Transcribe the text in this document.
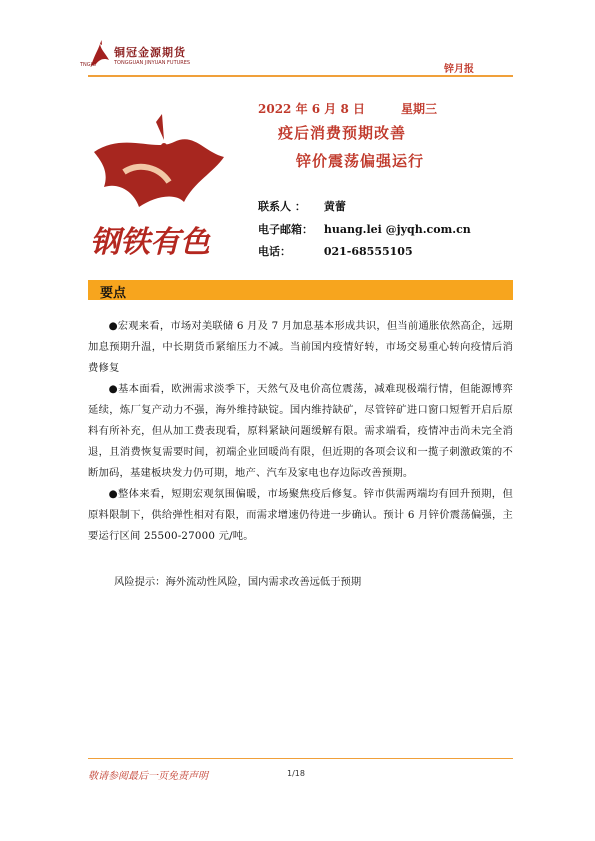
铜冠金源期货
TONGGUAN JINYUAN FUTURES
TNGJG	锌月报
钢铁有色
2022 年 6 月 8 日	星期三
疫后消费预期改善
锌价震荡偏强运行
联系人 ： 黄蕾
电子邮箱： huang.lei @jyqh.com.cn
电话：	021-68555105
要点

●宏观来看，市场对美联储 6 月及 7 月加息基本形成共识，但当前通胀依然高企，远期加息预期升温，中长期货币紧缩压力不减。当前国内疫情好转，市场交易重心转向疫情后消费修复

●基本面看，欧洲需求淡季下，天然气及电价高位震荡，减难现极端行情，但能源博弈延续，炼厂复产动力不强，海外维持缺锭。国内维持缺矿，尽管锌矿进口窗口短暂开启后原料有所补充，但从加工费表现看，原料紧缺问题缓解有限。需求端看，疫情冲击尚未完全消退，且消费恢复需要时间，初端企业回暖尚有限，但近期的各项会议和一揽子刺激政策的不断加码，基建板块发力仍可期，地产、汽车及家电也存边际改善预期。

●整体来看，短期宏观氛围偏暖，市场聚焦疫后修复。锌市供需两端均有回升预期，但原料限制下，供给弹性相对有限，而需求增速仍待进一步确认。预计 6 月锌价震荡偏强，主要运行区间 25500-27000 元/吨。

风险提示：海外流动性风险，国内需求改善远低于预期
敬请参阅最后一页免责声明	1/18
